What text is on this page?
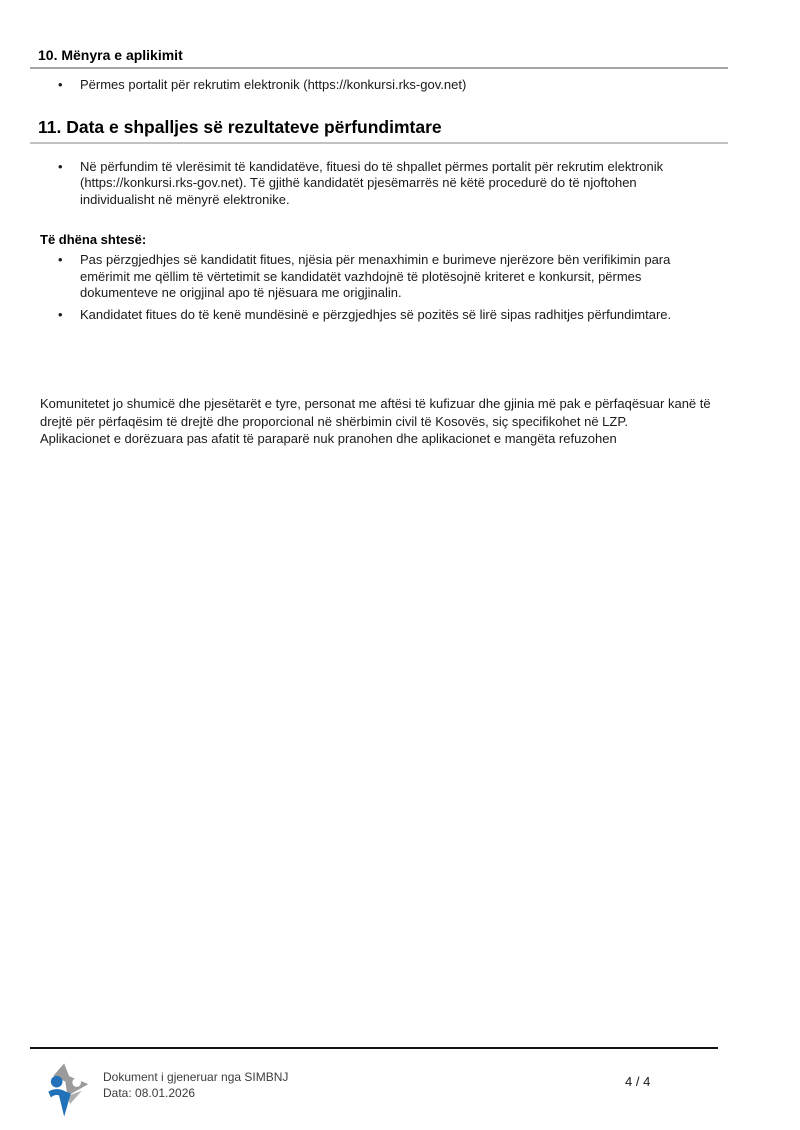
10. Mënyra e aplikimit
• Përmes portalit për rekrutim elektronik (https://konkursi.rks-gov.net)
11. Data e shpalljes së rezultateve përfundimtare
• Në përfundim të vlerësimit të kandidatëve, fituesi do të shpallet përmes portalit për rekrutim elektronik (https://konkursi.rks-gov.net). Të gjithë kandidatët pjesëmarrës në këtë procedurë do të njoftohen individualisht në mënyrë elektronike.
Të dhëna shtesë:
• Pas përzgjedhjes së kandidatit fitues, njësia për menaxhimin e burimeve njerëzore bën verifikimin para emërimit me qëllim të vërtetimit se kandidatët vazhdojnë të plotësojnë kriteret e konkursit, përmes dokumenteve ne origjinal apo të njësuara me origjinalin.
• Kandidatet fitues do të kenë mundësinë e përzgjedhjes së pozitës së lirë sipas radhitjes përfundimtare.

Komunitetet jo shumicë dhe pjesëtarët e tyre, personat me aftësi të kufizuar dhe gjinia më pak e përfaqësuar kanë të drejtë për përfaqësim të drejtë dhe proporcional në shërbimin civil të Kosovës, siç specifikohet në LZP.

Aplikacionet e dorëzuara pas afatit të paraparë nuk pranohen dhe aplikacionet e mangëta refuzohen

Dokument i gjeneruar nga SIMBNJ
Data: 08.01.2026
4 / 4
